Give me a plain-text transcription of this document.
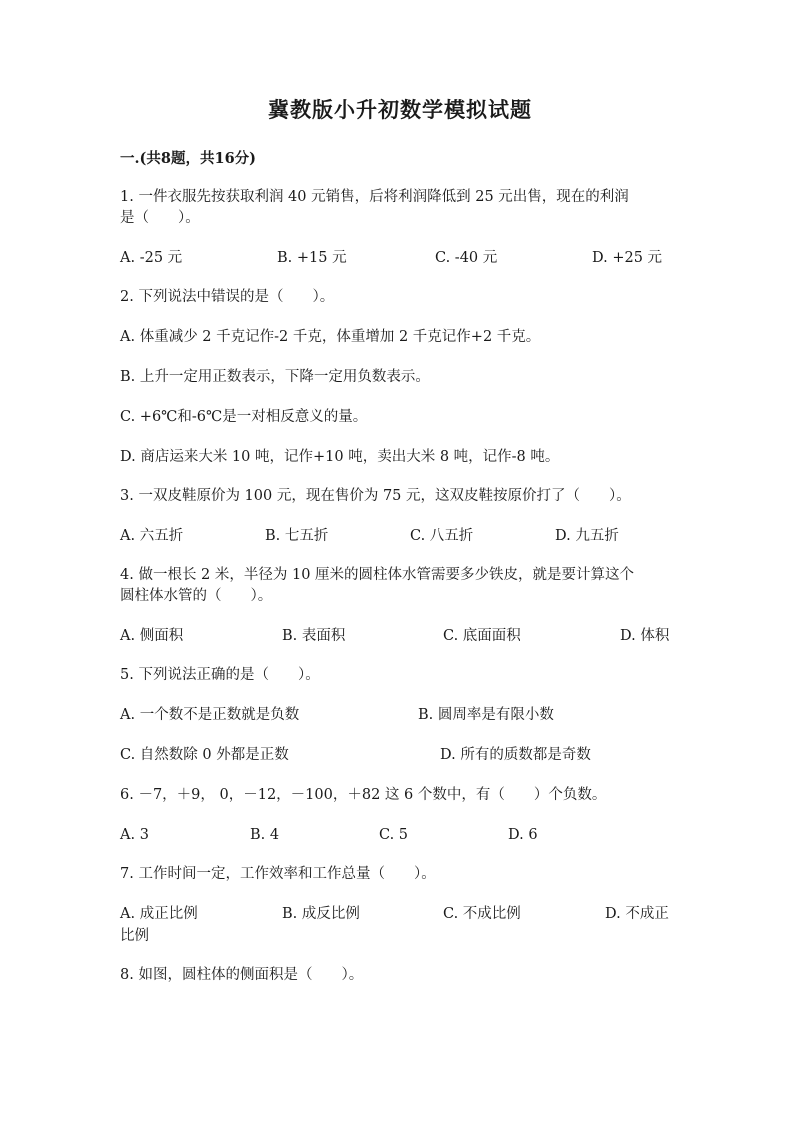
冀教版小升初数学模拟试题
一.(共8题，共16分)
1. 一件衣服先按获取利润 40 元销售，后将利润降低到 25 元出售，现在的利润
是（　　）。
A. -25 元	B. +15 元	C. -40 元	D. +25 元
2. 下列说法中错误的是（　　）。
A. 体重减少 2 千克记作-2 千克，体重增加 2 千克记作+2 千克。
B. 上升一定用正数表示，下降一定用负数表示。
C. +6℃和-6℃是一对相反意义的量。
D. 商店运来大米 10 吨，记作+10 吨，卖出大米 8 吨，记作-8 吨。
3. 一双皮鞋原价为 100 元，现在售价为 75 元，这双皮鞋按原价打了（　　）。
A. 六五折	B. 七五折	C. 八五折	D. 九五折
4. 做一根长 2 米，半径为 10 厘米的圆柱体水管需要多少铁皮，就是要计算这个
圆柱体水管的（　　）。
A. 侧面积	B. 表面积	C. 底面面积	D. 体积
5. 下列说法正确的是（　　）。
A. 一个数不是正数就是负数	B. 圆周率是有限小数
C. 自然数除 0 外都是正数	D. 所有的质数都是奇数
6. －7，＋9， 0，－12，－100，＋82 这 6 个数中，有（　　）个负数。
A. 3	B. 4	C. 5	D. 6
7. 工作时间一定，工作效率和工作总量（　　）。
A. 成正比例	B. 成反比例	C. 不成比例	D. 不成正
比例
8. 如图，圆柱体的侧面积是（　　）。
